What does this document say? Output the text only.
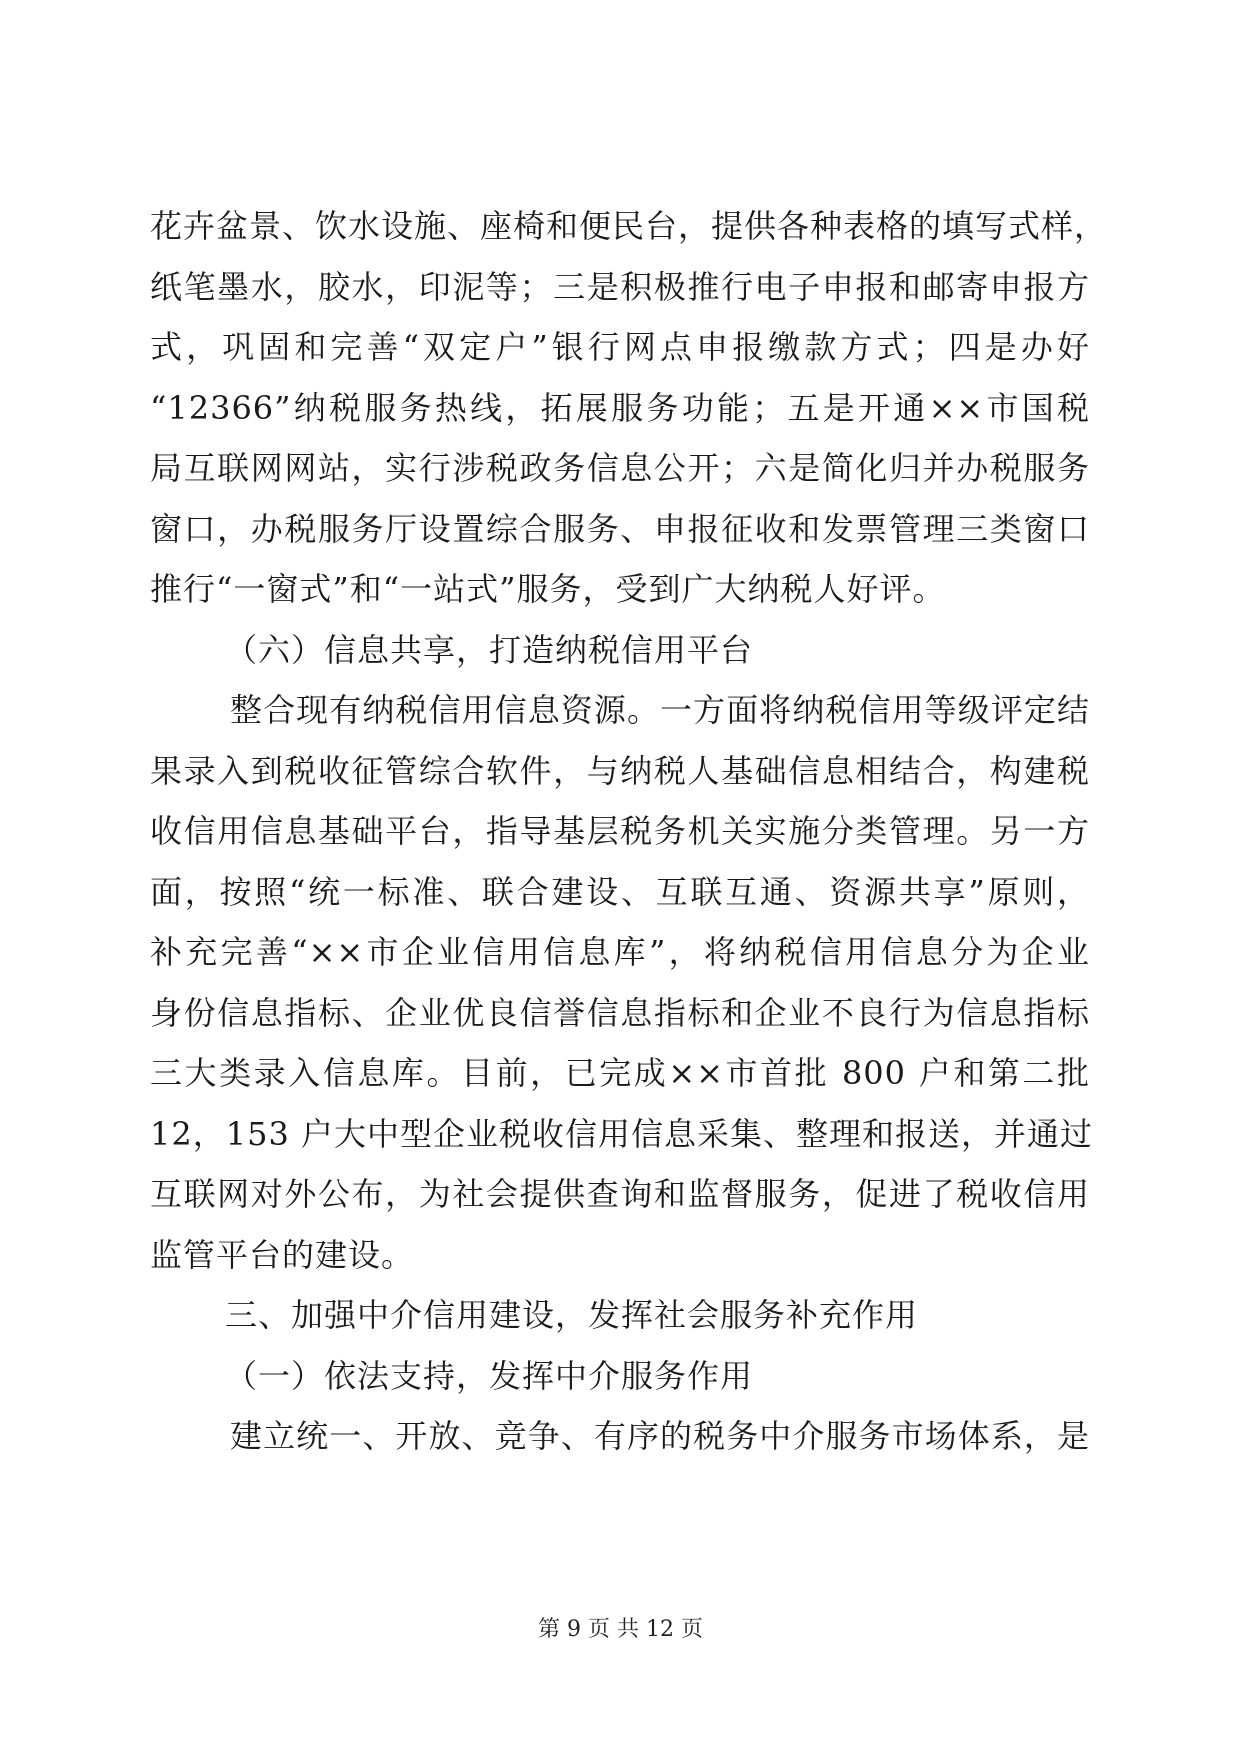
花卉盆景、饮水设施、座椅和便民台，提供各种表格的填写式样，
纸笔墨水，胶水，印泥等；三是积极推行电子申报和邮寄申报方
式，巩固和完善“双定户”银行网点申报缴款方式；四是办好
“12366”纳税服务热线，拓展服务功能；五是开通××市国税
局互联网网站，实行涉税政务信息公开；六是简化归并办税服务
窗口，办税服务厅设置综合服务、申报征收和发票管理三类窗口
推行“一窗式”和“一站式”服务，受到广大纳税人好评。
（六）信息共享，打造纳税信用平台
整合现有纳税信用信息资源。一方面将纳税信用等级评定结
果录入到税收征管综合软件，与纳税人基础信息相结合，构建税
收信用信息基础平台，指导基层税务机关实施分类管理。另一方
面，按照“统一标准、联合建设、互联互通、资源共享”原则，
补充完善“××市企业信用信息库”，将纳税信用信息分为企业
身份信息指标、企业优良信誉信息指标和企业不良行为信息指标
三大类录入信息库。目前，已完成××市首批 800 户和第二批
12，153 户大中型企业税收信用信息采集、整理和报送，并通过
互联网对外公布，为社会提供查询和监督服务，促进了税收信用
监管平台的建设。
三、加强中介信用建设，发挥社会服务补充作用
（一）依法支持，发挥中介服务作用
建立统一、开放、竞争、有序的税务中介服务市场体系，是
第 9 页 共 12 页
